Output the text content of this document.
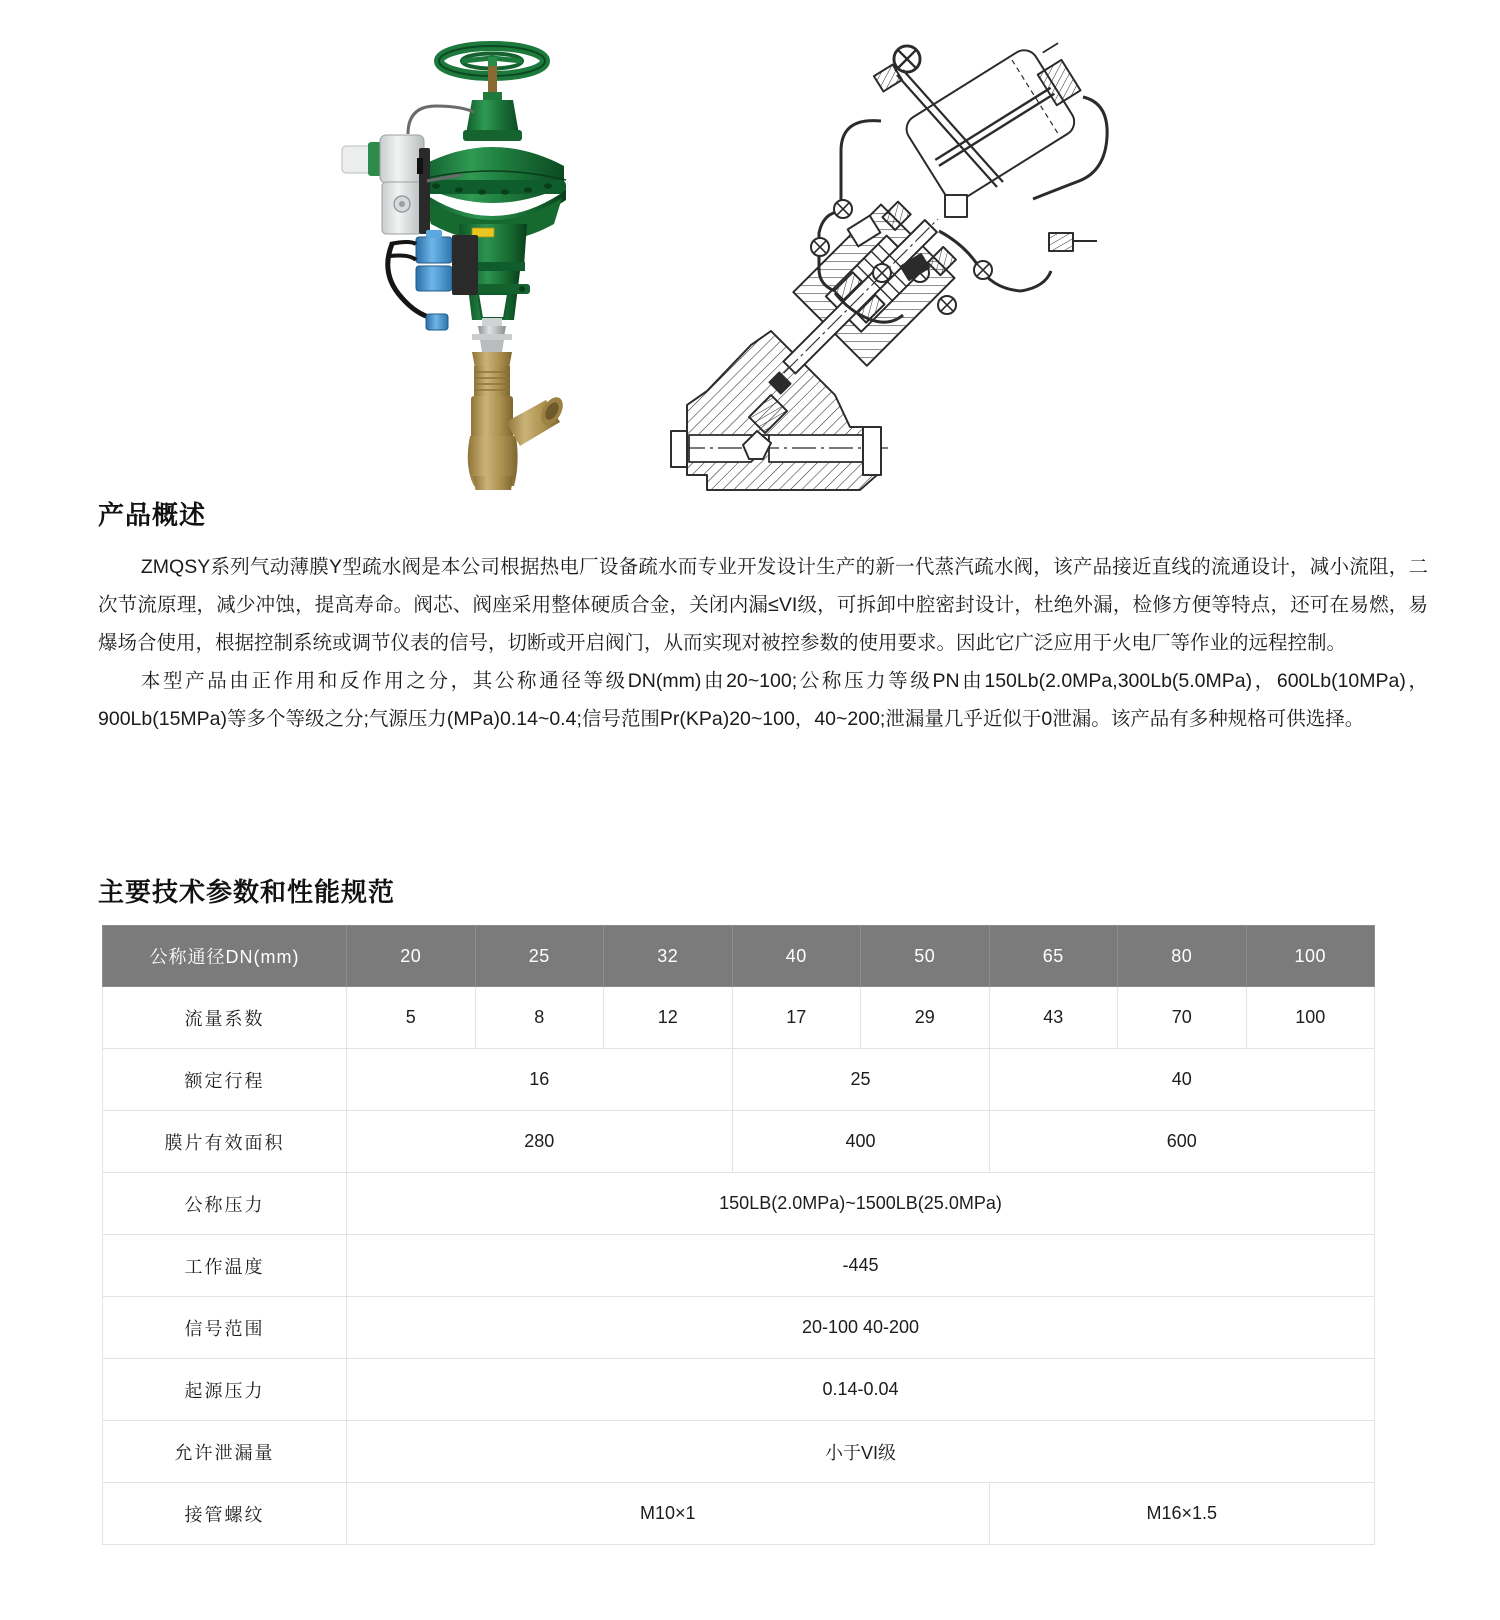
产品概述

ZMQSY系列气动薄膜Y型疏水阀是本公司根据热电厂设备疏水而专业开发设计生产的新一代蒸汽疏水阀，该产品接近直线的流通设计，减小流阻，二次节流原理，减少冲蚀，提高寿命。阀芯、阀座采用整体硬质合金，关闭内漏≤VI级，可拆卸中腔密封设计，杜绝外漏，检修方便等特点，还可在易燃，易爆场合使用，根据控制系统或调节仪表的信号，切断或开启阀门，从而实现对被控参数的使用要求。因此它广泛应用于火电厂等作业的远程控制。

本型产品由正作用和反作用之分，其公称通径等级DN(mm)由20~100;公称压力等级PN由150Lb(2.0MPa,300Lb(5.0MPa)，600Lb(10MPa)，900Lb(15MPa)等多个等级之分;气源压力(MPa)0.14~0.4;信号范围Pr(KPa)20~100，40~200;泄漏量几乎近似于0泄漏。该产品有多种规格可供选择。

主要技术参数和性能规范
公称通径DN(mm)	20	25	32	40	50	65	80	100
流量系数	5	8	12	17	29	43	70	100
额定行程	16			25		40		
膜片有效面积	280			400		600		
公称压力	150LB(2.0MPa)~1500LB(25.0MPa)							
工作温度	-445							
信号范围	20-100 40-200							
起源压力	0.14-0.04							
允许泄漏量	小于VI级							
接管螺纹	M10×1					M16×1.5		
